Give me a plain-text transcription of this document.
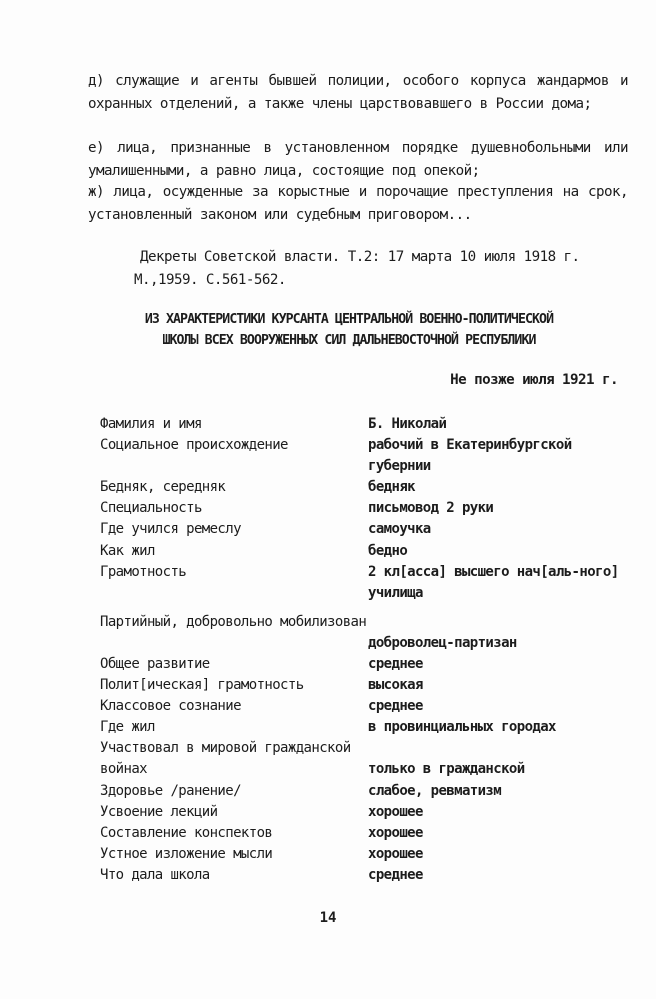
д) служащие и агенты бывшей полиции, особого корпуса жандармов и охранных отделений, а также члены царствовавшего в России дома;
е) лица, признанные в установленном порядке душевнобольными или умалишенными, а равно лица, состоящие под опекой;
ж) лица, осужденные за корыстные и порочащие преступления на срок, установленный законом или судебным приговором...
Декреты Советской власти. Т.2: 17 марта 10 июля 1918 г.
М.,1959. С.561-562.
ИЗ ХАРАКТЕРИСТИКИ КУРСАНТА ЦЕНТРАЛЬНОЙ ВОЕННО-ПОЛИТИЧЕСКОЙ
ШКОЛЫ ВСЕХ ВООРУЖЕННЫХ СИЛ ДАЛЬНЕВОСТОЧНОЙ РЕСПУБЛИКИ
Не позже июля 1921 г.
Фамилия и имя	Б. Николай
Социальное происхождение	рабочий в Екатеринбургской губернии
Бедняк, середняк	бедняк
Специальность	письмовод 2 руки
Где учился ремеслу	самоучка
Как жил	бедно
Грамотность	2 кл[асса] высшего нач[аль-ного] училища
Партийный, добровольно мобилизован
доброволец-партизан
Общее развитие	среднее
Полит[ическая] грамотность	высокая
Классовое сознание	среднее
Где жил	в провинциальных городах
Участвовал в мировой гражданской войнах	только в гражданской
Здоровье /ранение/	слабое, ревматизм
Усвоение лекций	хорошее
Составление конспектов	хорошее
Устное изложение мысли	хорошее
Что дала школа	среднее
14
